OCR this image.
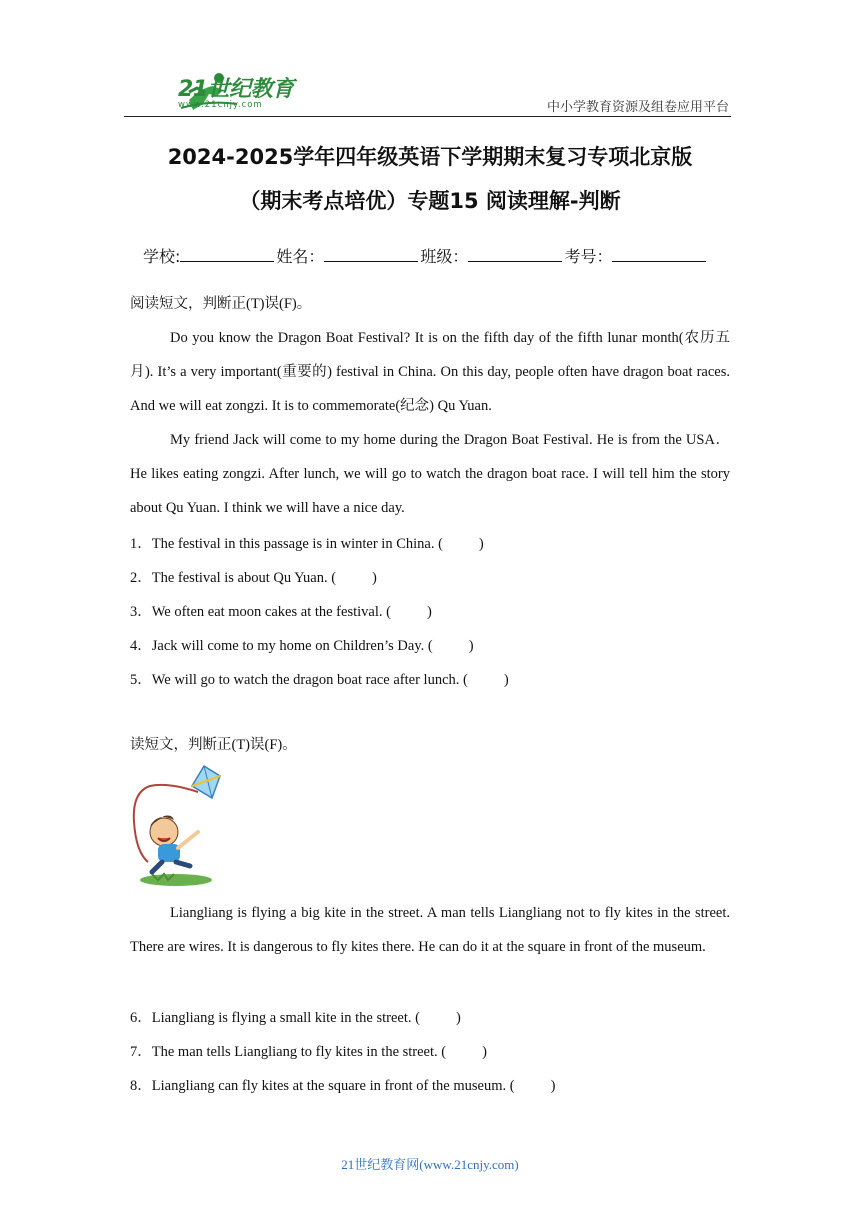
21世纪教育
www.21cnjy.com	中小学教育资源及组卷应用平台
2024-2025学年四年级英语下学期期末复习专项北京版
（期末考点培优）专题15 阅读理解-判断
学校:	姓名：	班级：	考号：
阅读短文，判断正(T)误(F)。
Do you know the Dragon Boat Festival? It is on the fifth day of the fifth lunar month(农历五月). It’s a very important(重要的) festival in China. On this day, people often have dragon boat races. And we will eat zongzi. It is to commemorate(纪念) Qu Yuan.
My friend Jack will come to my home during the Dragon Boat Festival. He is from the USA．He likes eating zongzi. After lunch, we will go to watch the dragon boat race. I will tell him the story about Qu Yuan. I think we will have a nice day.
1．The festival in this passage is in winter in China. ( )
2．The festival is about Qu Yuan. ( )
3．We often eat moon cakes at the festival. ( )
4．Jack will come to my home on Children’s Day. ( )
5．We will go to watch the dragon boat race after lunch. ( )
读短文，判断正(T)误(F)。
Liangliang is flying a big kite in the street. A man tells Liangliang not to fly kites in the street. There are wires. It is dangerous to fly kites there. He can do it at the square in front of the museum.
6．Liangliang is flying a small kite in the street. ( )
7．The man tells Liangliang to fly kites in the street. ( )
8．Liangliang can fly kites at the square in front of the museum. ( )
21世纪教育网(www.21cnjy.com)
